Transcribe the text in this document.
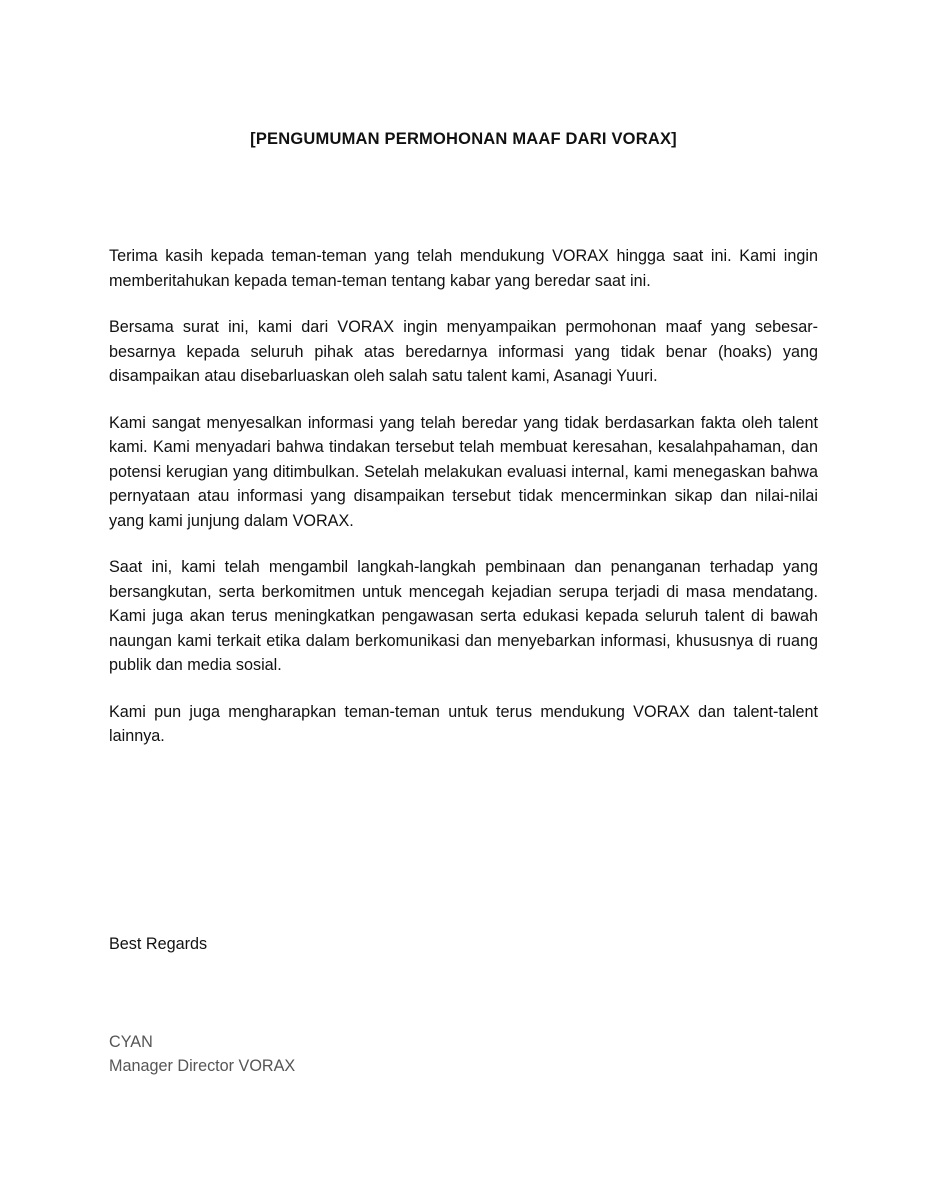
[PENGUMUMAN PERMOHONAN MAAF DARI VORAX]

Terima kasih kepada teman-teman yang telah mendukung VORAX hingga saat ini. Kami ingin memberitahukan kepada teman-teman tentang kabar yang beredar saat ini.

Bersama surat ini, kami dari VORAX ingin menyampaikan permohonan maaf yang sebesar-besarnya kepada seluruh pihak atas beredarnya informasi yang tidak benar (hoaks) yang disampaikan atau disebarluaskan oleh salah satu talent kami, Asanagi Yuuri.

Kami sangat menyesalkan informasi yang telah beredar yang tidak berdasarkan fakta oleh talent kami. Kami menyadari bahwa tindakan tersebut telah membuat keresahan, kesalahpahaman, dan potensi kerugian yang ditimbulkan. Setelah melakukan evaluasi internal, kami menegaskan bahwa pernyataan atau informasi yang disampaikan tersebut tidak mencerminkan sikap dan nilai-nilai yang kami junjung dalam VORAX.

Saat ini, kami telah mengambil langkah-langkah pembinaan dan penanganan terhadap yang bersangkutan, serta berkomitmen untuk mencegah kejadian serupa terjadi di masa mendatang. Kami juga akan terus meningkatkan pengawasan serta edukasi kepada seluruh talent di bawah naungan kami terkait etika dalam berkomunikasi dan menyebarkan informasi, khususnya di ruang publik dan media sosial.

Kami pun juga mengharapkan teman-teman untuk terus mendukung VORAX dan talent-talent lainnya.

Best Regards

CYAN
Manager Director VORAX
